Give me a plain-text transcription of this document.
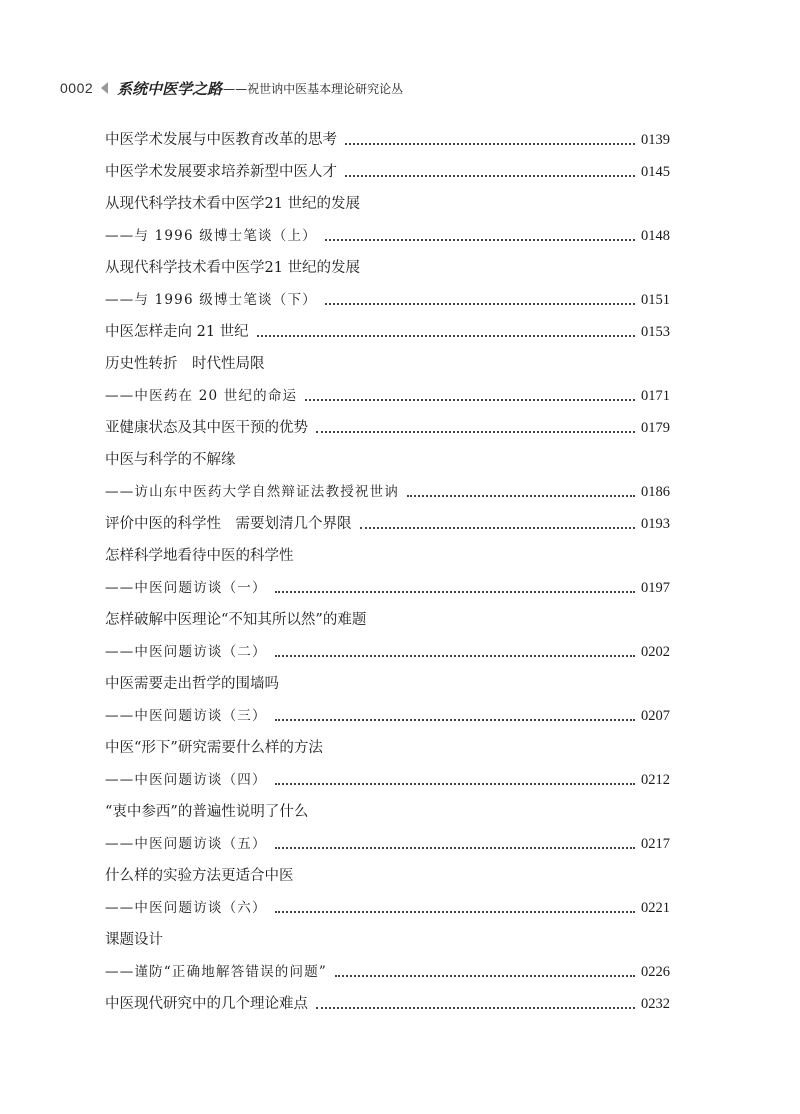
0002 系统中医学之路 ——祝世讷中医基本理论研究论丛
中医学术发展与中医教育改革的思考	0139
中医学术发展要求培养新型中医人才	0145
从现代科学技术看中医学21 世纪的发展
——与 1996 级博士笔谈（上）	0148
从现代科学技术看中医学21 世纪的发展
——与 1996 级博士笔谈（下）	0151
中医怎样走向 21 世纪	0153
历史性转折　时代性局限
——中医药在 20 世纪的命运	0171
亚健康状态及其中医干预的优势	0179
中医与科学的不解缘
——访山东中医药大学自然辩证法教授祝世讷	0186
评价中医的科学性　需要划清几个界限	0193
怎样科学地看待中医的科学性
——中医问题访谈（一）	0197
怎样破解中医理论“不知其所以然”的难题
——中医问题访谈（二）	0202
中医需要走出哲学的围墙吗
——中医问题访谈（三）	0207
中医“形下”研究需要什么样的方法
——中医问题访谈（四）	0212
“衷中参西”的普遍性说明了什么
——中医问题访谈（五）	0217
什么样的实验方法更适合中医
——中医问题访谈（六）	0221
课题设计
——谨防“正确地解答错误的问题”	0226
中医现代研究中的几个理论难点	0232
